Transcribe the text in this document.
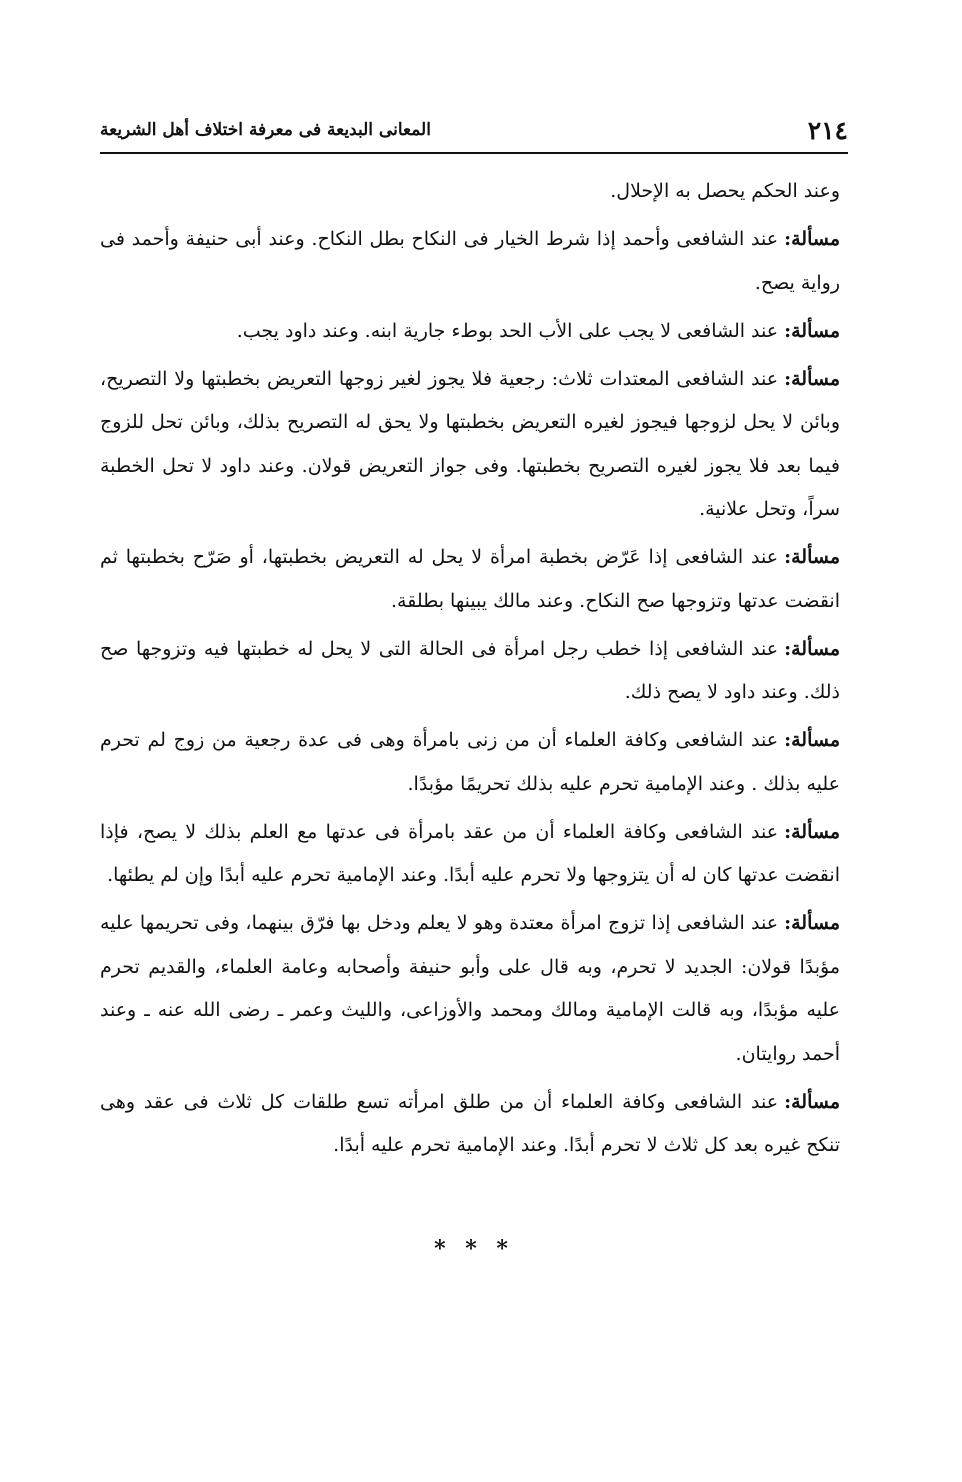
٢١٤
المعانى البديعة فى معرفة اختلاف أهل الشريعة

وعند الحكم يحصل به الإحلال.

مسألة:عند الشافعى وأحمد إذا شرط الخيار فى النكاح بطل النكاح. وعند أبى حنيفة وأحمد فى رواية يصح.

مسألة:عند الشافعى لا يجب على الأب الحد بوطء جارية ابنه. وعند داود يجب.

مسألة:عند الشافعى المعتدات ثلاث: رجعية فلا يجوز لغير زوجها التعريض بخطبتها ولا التصريح، وبائن لا يحل لزوجها فيجوز لغيره التعريض بخطبتها ولا يحق له التصريح بذلك، وبائن تحل للزوج فيما بعد فلا يجوز لغيره التصريح بخطبتها. وفى جواز التعريض قولان. وعند داود لا تحل الخطبة سراً، وتحل علانية.

مسألة:عند الشافعى إذا عَرّض بخطبة امرأة لا يحل له التعريض بخطبتها، أو صَرّح بخطبتها ثم انقضت عدتها وتزوجها صح النكاح. وعند مالك يبينها بطلقة.

مسألة:عند الشافعى إذا خطب رجل امرأة فى الحالة التى لا يحل له خطبتها فيه وتزوجها صح ذلك. وعند داود لا يصح ذلك.

مسألة:عند الشافعى وكافة العلماء أن من زنى بامرأة وهى فى عدة رجعية من زوج لم تحرم عليه بذلك . وعند الإمامية تحرم عليه بذلك تحريمًا مؤبدًا.

مسألة:عند الشافعى وكافة العلماء أن من عقد بامرأة فى عدتها مع العلم بذلك لا يصح، فإذا انقضت عدتها كان له أن يتزوجها ولا تحرم عليه أبدًا. وعند الإمامية تحرم عليه أبدًا وإن لم يطئها.

مسألة:عند الشافعى إذا تزوج امرأة معتدة وهو لا يعلم ودخل بها فرّق بينهما، وفى تحريمها عليه مؤبدًا قولان: الجديد لا تحرم، وبه قال على وأبو حنيفة وأصحابه وعامة العلماء، والقديم تحرم عليه مؤبدًا، وبه قالت الإمامية ومالك ومحمد والأوزاعى، والليث وعمر ـ رضى الله عنه ـ وعند أحمد روايتان.

مسألة:عند الشافعى وكافة العلماء أن من طلق امرأته تسع طلقات كل ثلاث فى عقد وهى تنكح غيره بعد كل ثلاث لا تحرم أبدًا. وعند الإمامية تحرم عليه أبدًا.

* * *
